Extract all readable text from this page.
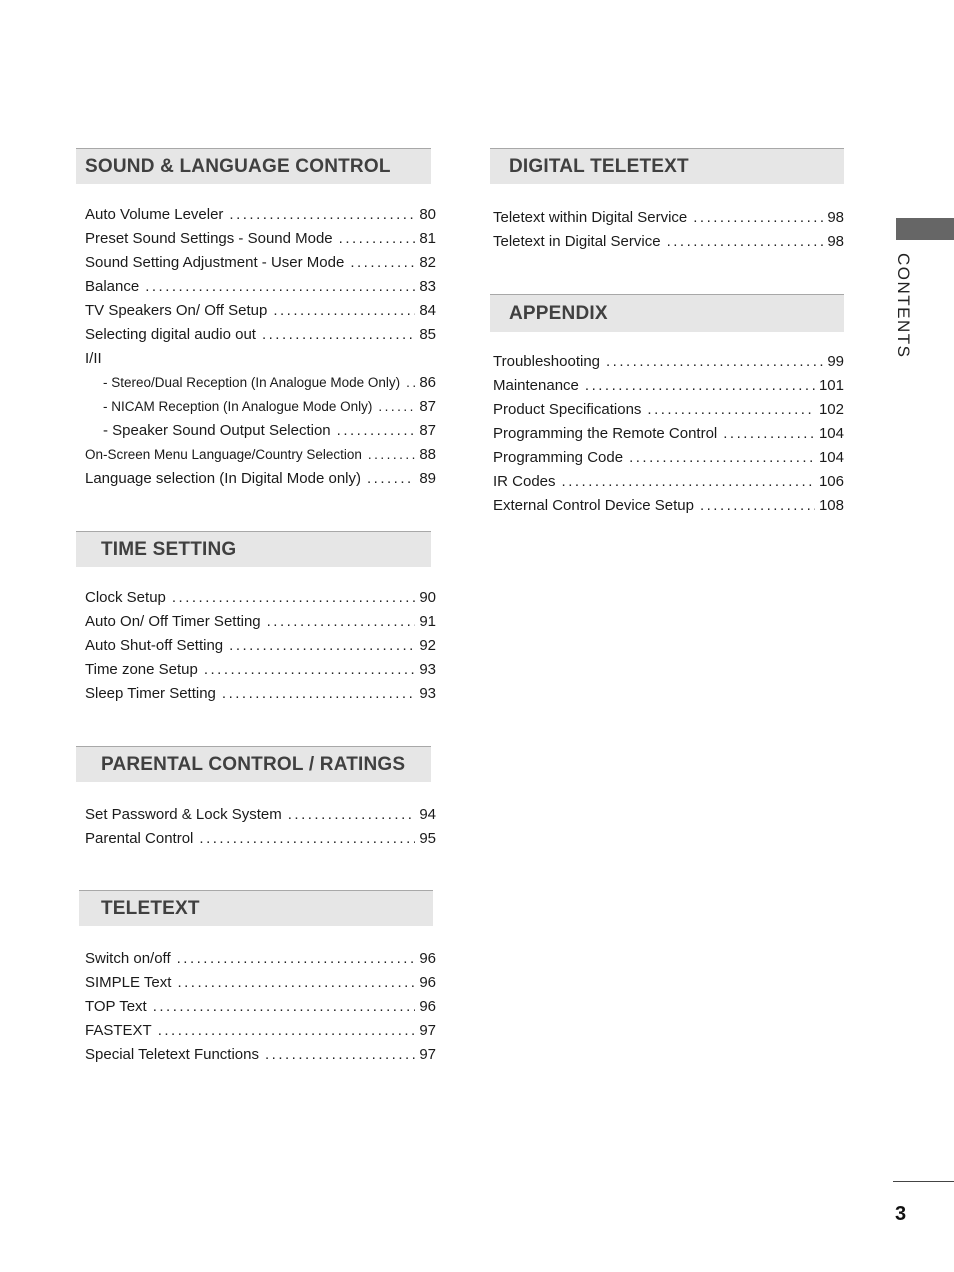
SOUND & LANGUAGE CONTROL
Auto Volume Leveler .....	80
Preset Sound Settings - Sound Mode .....	81
Sound Setting Adjustment - User Mode .....	82
Balance .....	83
TV Speakers On/ Off Setup .....	84
Selecting digital audio out .....	85
I/II
- Stereo/Dual Reception (In Analogue Mode Only) ..... 86
- NICAM Reception (In Analogue Mode Only) .....	87
- Speaker Sound Output Selection .....	87
On-Screen Menu Language/Country Selection .....	88
Language selection (In Digital Mode only) .....	89
TIME SETTING
Clock Setup .....	90
Auto On/ Off Timer Setting .....	91
Auto Shut-off Setting .....	92
Time zone Setup .....	93
Sleep Timer Setting .....	93
PARENTAL CONTROL / RATINGS
Set Password & Lock System .....	94
Parental Control .....	95
TELETEXT
Switch on/off .....	96
SIMPLE Text .....	96
TOP Text .....	96
FASTEXT .....	97
Special Teletext Functions .....	97
DIGITAL TELETEXT
Teletext within Digital Service .....	98
Teletext in Digital Service .....	98
APPENDIX
Troubleshooting .....	99
Maintenance .....	101
Product Specifications .....	102
Programming the Remote Control .....	104
Programming Code .....	104
IR Codes .....	106
External Control Device Setup .....	108
CONTENTS
3
